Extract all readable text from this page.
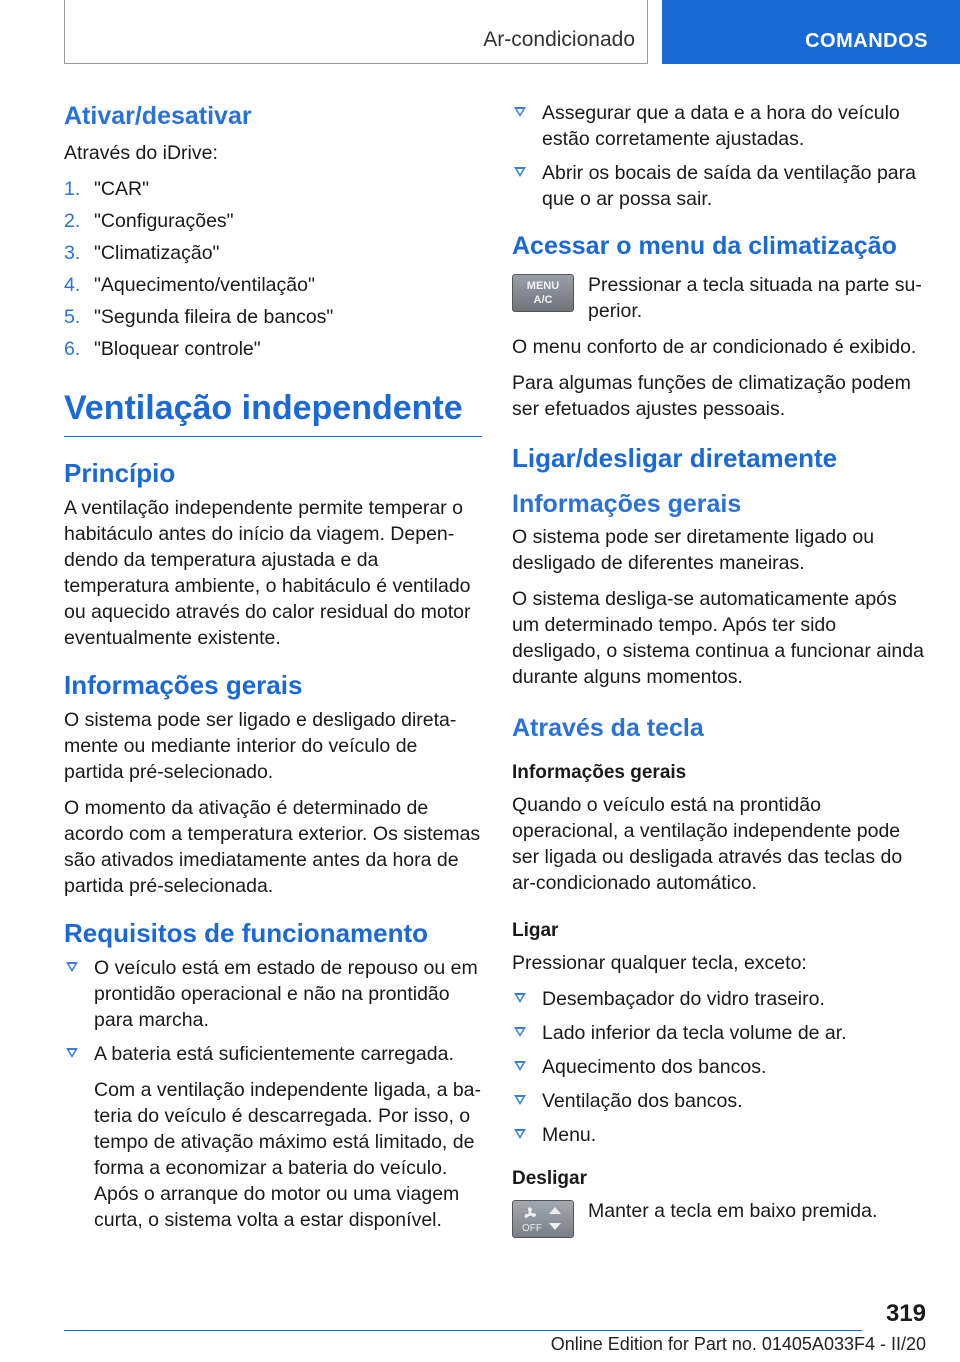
Ar-condicionado	COMANDOS
Ativar/desativar

Através do iDrive:

1. "CAR"
2. "Configurações"
3. "Climatização"
4. "Aquecimento/ventilação"
5. "Segunda fileira de bancos"
6. "Bloquear controle"
Ventilação independente
Princípio

A ventilação independente permite temperar o habitáculo antes do início da viagem. Dependendo da temperatura ajustada e da temperatura ambiente, o habitáculo é ventilado ou aquecido através do calor residual do motor eventualmente existente.

Informações gerais

O sistema pode ser ligado e desligado diretamente ou mediante interior do veículo de partida pré-selecionado.

O momento da ativação é determinado de acordo com a temperatura exterior. Os sistemas são ativados imediatamente antes da hora de partida pré-selecionada.

Requisitos de funcionamento
O veículo está em estado de repouso ou em prontidão operacional e não na prontidão para marcha.
A bateria está suficientemente carregada.
Com a ventilação independente ligada, a bateria do veículo é descarregada. Por isso, o tempo de ativação máximo está limitado, de forma a economizar a bateria do veículo. Após o arranque do motor ou uma viagem curta, o sistema volta a estar disponível.
Assegurar que a data e a hora do veículo estão corretamente ajustadas.
Abrir os bocais de saída da ventilação para que o ar possa sair.
Acessar o menu da climatização
MENU
A/C
Pressionar a tecla situada na parte superior.

O menu conforto de ar condicionado é exibido.

Para algumas funções de climatização podem ser efetuados ajustes pessoais.

Ligar/desligar diretamente
Informações gerais

O sistema pode ser diretamente ligado ou desligado de diferentes maneiras.

O sistema desliga-se automaticamente após um determinado tempo. Após ter sido desligado, o sistema continua a funcionar ainda durante alguns momentos.

Através da tecla
Informações gerais

Quando o veículo está na prontidão operacional, a ventilação independente pode ser ligada ou desligada através das teclas do ar-condicionado automático.

Ligar

Pressionar qualquer tecla, exceto:

Desembaçador do vidro traseiro.
Lado inferior da tecla volume de ar.
Aquecimento dos bancos.
Ventilação dos bancos.
Menu.
Desligar
OFF
Manter a tecla em baixo premida.
319
Online Edition for Part no. 01405A033F4 - II/20
